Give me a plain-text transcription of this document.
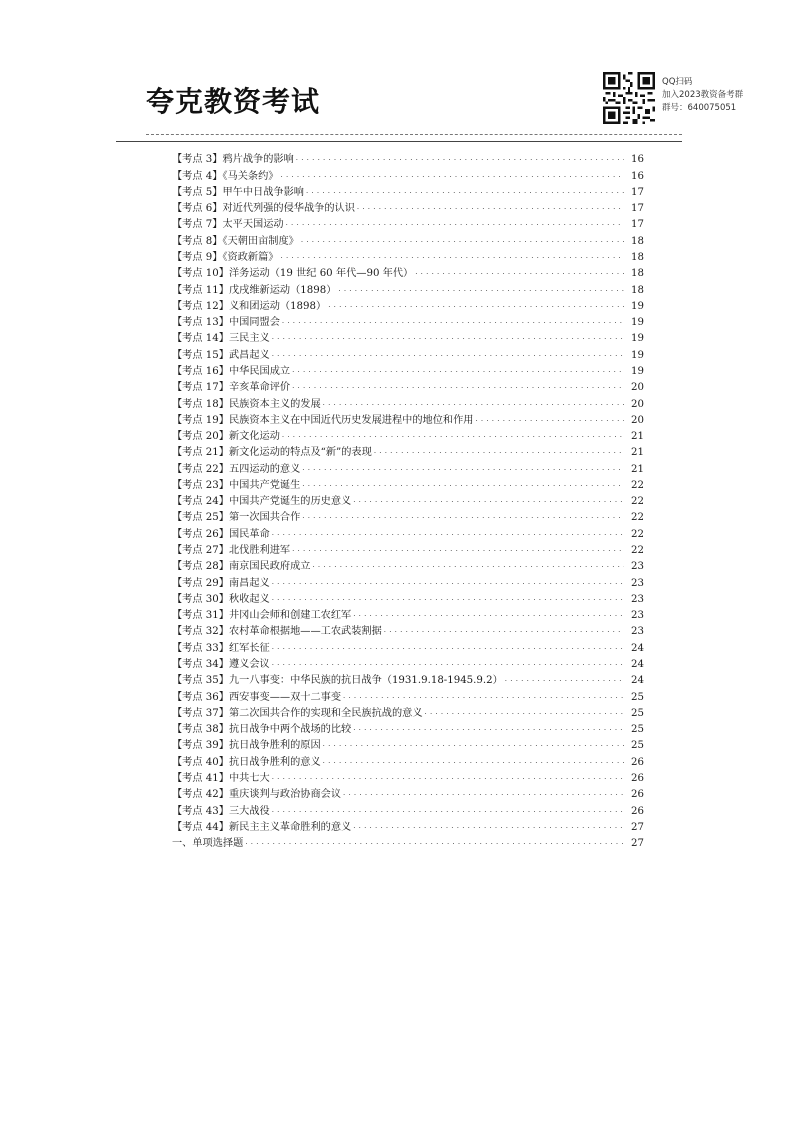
夸克教资考试
QQ扫码
加入2023教资备考群
群号：640075051
【考点 3】鸦片战争的影响 . . .	16
【考点 4】《马关条约》 . . .	16
【考点 5】甲午中日战争影响 . . .	17
【考点 6】对近代列强的侵华战争的认识 . . .	17
【考点 7】太平天国运动 . . .	17
【考点 8】《天朝田亩制度》 . . .	18
【考点 9】《资政新篇》 . . .	18
【考点 10】洋务运动（19 世纪 60 年代—90 年代） . . .	18
【考点 11】戊戌维新运动（1898） . . .	18
【考点 12】义和团运动（1898） . . .	19
【考点 13】中国同盟会 . . .	19
【考点 14】三民主义 . . .	19
【考点 15】武昌起义 . . .	19
【考点 16】中华民国成立 . . .	19
【考点 17】辛亥革命评价 . . .	20
【考点 18】民族资本主义的发展 . . .	20
【考点 19】民族资本主义在中国近代历史发展进程中的地位和作用 . . .	20
【考点 20】新文化运动 . . .	21
【考点 21】新文化运动的特点及“新”的表现 . . .	21
【考点 22】五四运动的意义 . . .	21
【考点 23】中国共产党诞生 . . .	22
【考点 24】中国共产党诞生的历史意义 . . .	22
【考点 25】第一次国共合作 . . .	22
【考点 26】国民革命 . . .	22
【考点 27】北伐胜利进军 . . .	22
【考点 28】南京国民政府成立 . . .	23
【考点 29】南昌起义 . . .	23
【考点 30】秋收起义 . . .	23
【考点 31】井冈山会师和创建工农红军 . . .	23
【考点 32】农村革命根据地——工农武装割据 . . .	23
【考点 33】红军长征 . . .	24
【考点 34】遵义会议 . . .	24
【考点 35】九一八事变：中华民族的抗日战争（1931.9.18-1945.9.2） . . .	24
【考点 36】西安事变——双十二事变 . . .	25
【考点 37】第二次国共合作的实现和全民族抗战的意义 . . .	25
【考点 38】抗日战争中两个战场的比较 . . .	25
【考点 39】抗日战争胜利的原因 . . .	25
【考点 40】抗日战争胜利的意义 . . .	26
【考点 41】中共七大 . . .	26
【考点 42】重庆谈判与政治协商会议 . . .	26
【考点 43】三大战役 . . .	26
【考点 44】新民主主义革命胜利的意义 . . .	27
一、单项选择题 . . .	27
